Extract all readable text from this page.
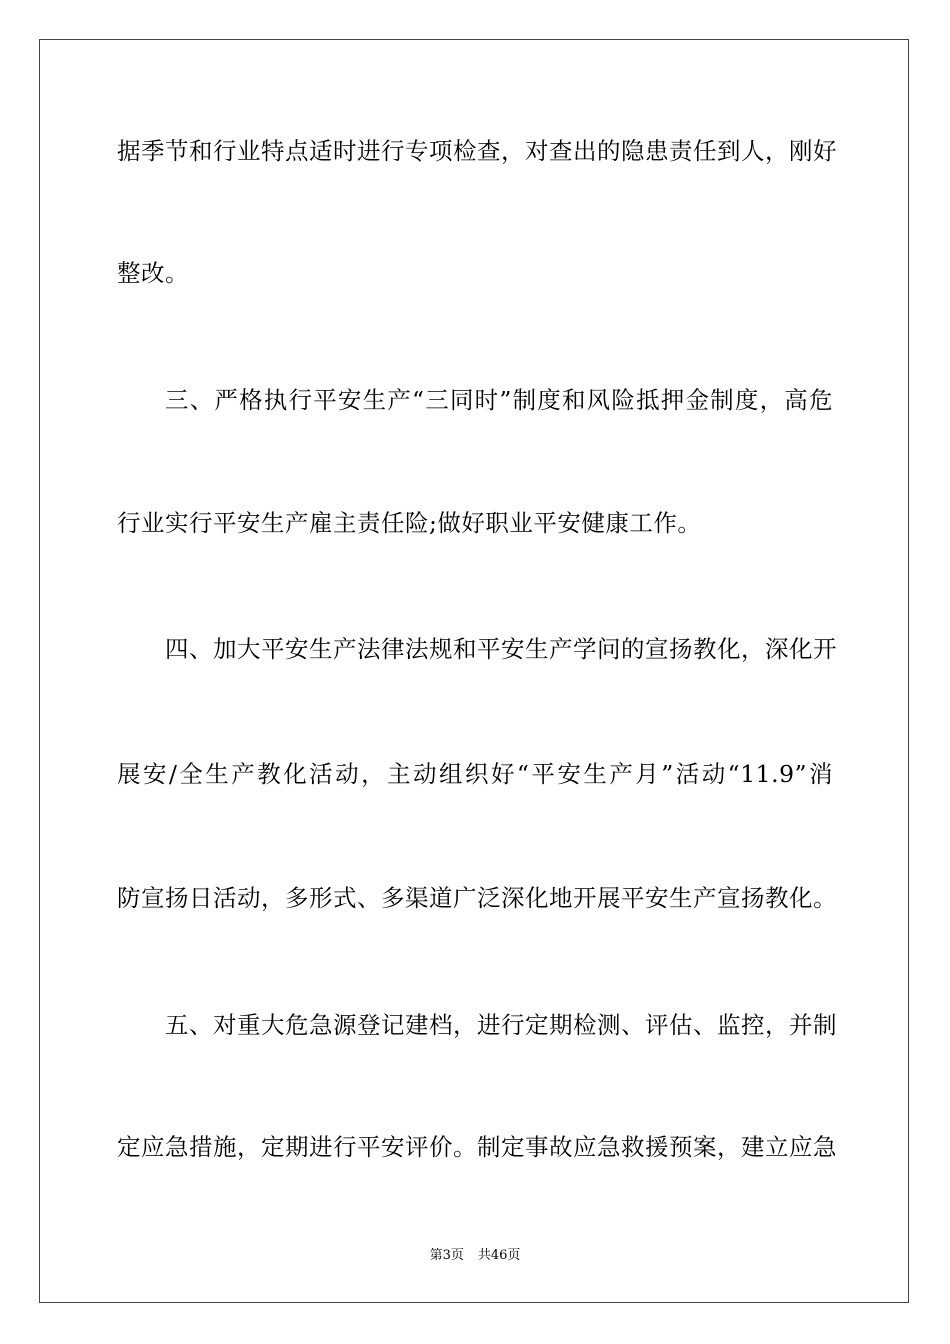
据季节和行业特点适时进行专项检查，对查出的隐患责任到人，刚好
整改。
三、严格执行平安生产“三同时”制度和风险抵押金制度，高危
行业实行平安生产雇主责任险;做好职业平安健康工作。
四、加大平安生产法律法规和平安生产学问的宣扬教化，深化开
展安/全生产教化活动，主动组织好“平安生产月”活动“11.9”消
防宣扬日活动，多形式、多渠道广泛深化地开展平安生产宣扬教化。
五、对重大危急源登记建档，进行定期检测、评估、监控，并制
定应急措施，定期进行平安评价。制定事故应急救援预案，建立应急
第3页 共46页
